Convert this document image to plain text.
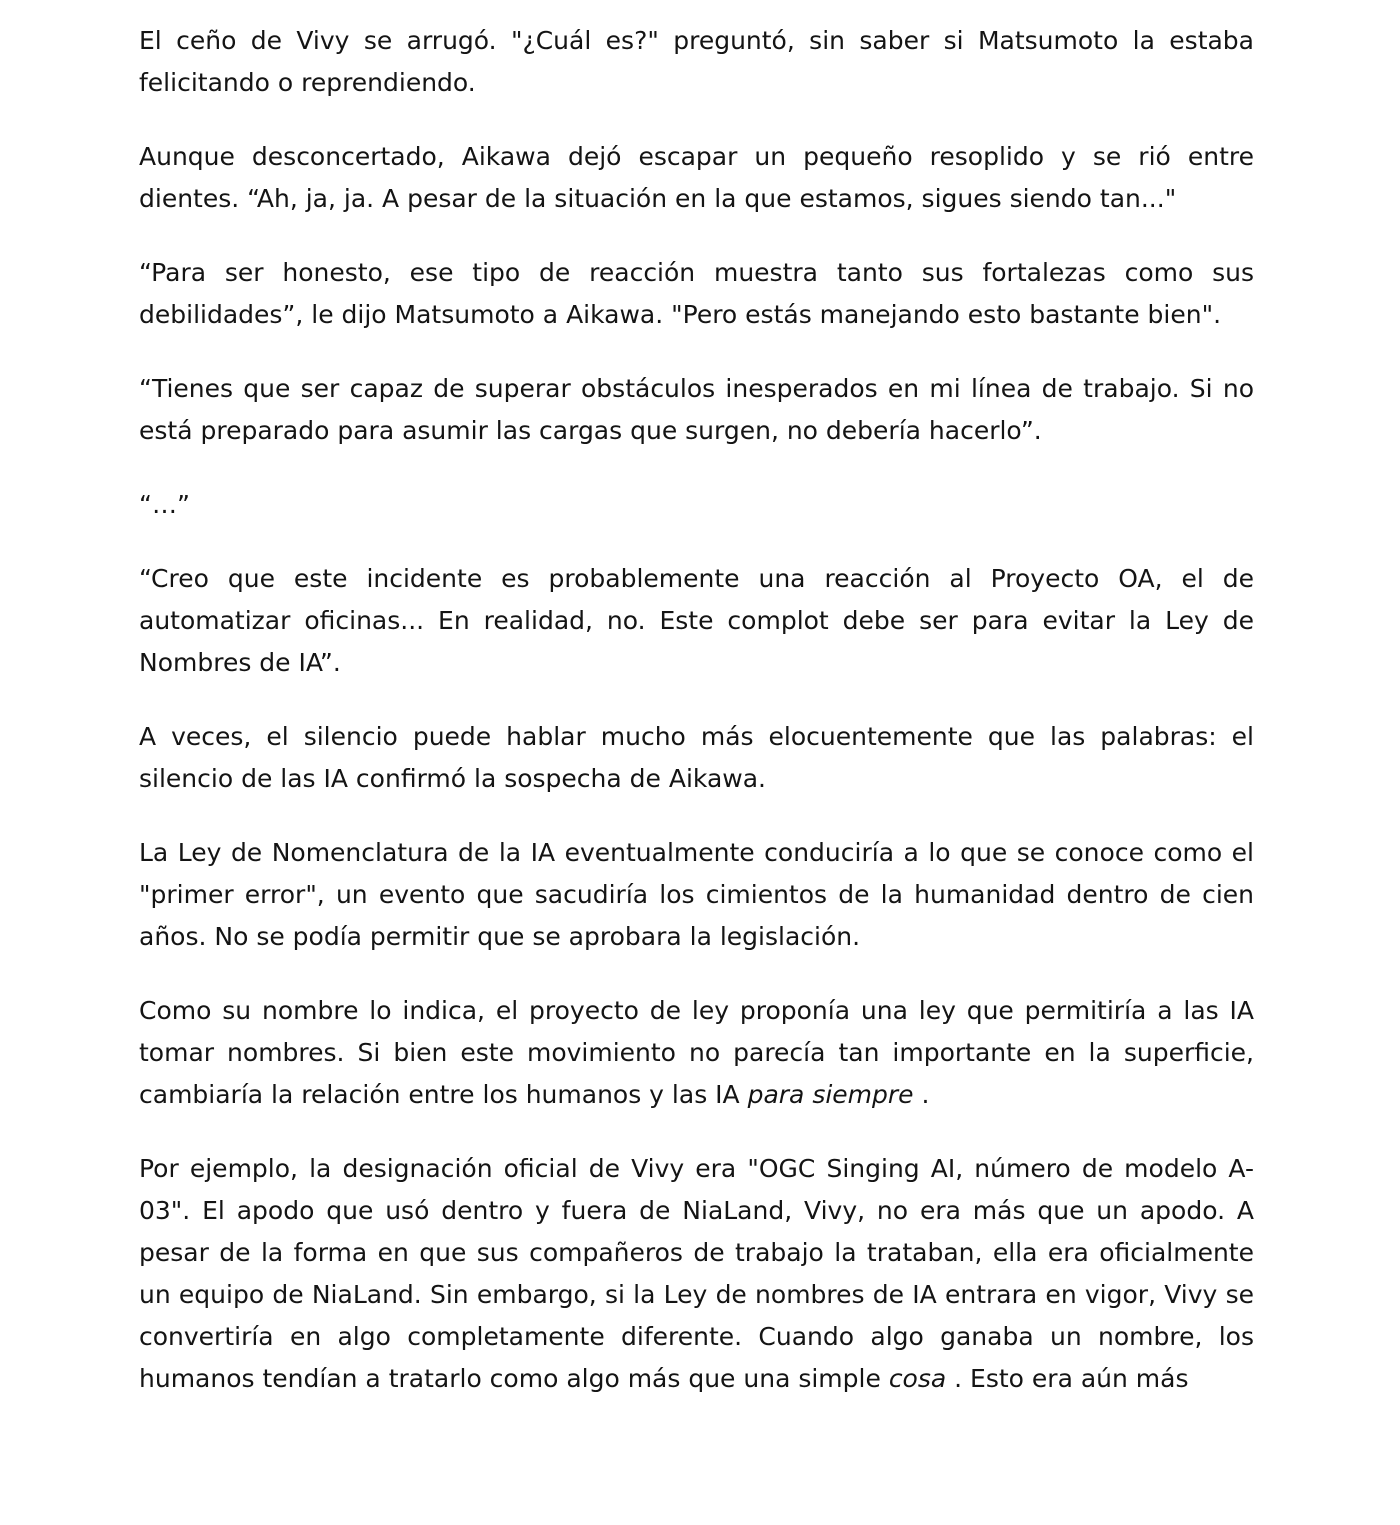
El ceño de Vivy se arrugó. "¿Cuál es?" preguntó, sin saber si Matsumoto la estaba felicitando o reprendiendo.

Aunque desconcertado, Aikawa dejó escapar un pequeño resoplido y se rió entre dientes. “Ah, ja, ja. A pesar de la situación en la que estamos, sigues siendo tan..."

“Para ser honesto, ese tipo de reacción muestra tanto sus fortalezas como sus debilidades”, le dijo Matsumoto a Aikawa. "Pero estás manejando esto bastante bien".

“Tienes que ser capaz de superar obstáculos inesperados en mi línea de trabajo. Si no está preparado para asumir las cargas que surgen, no debería hacerlo”.

“…”

“Creo que este incidente es probablemente una reacción al Proyecto OA, el de automatizar oficinas... En realidad, no. Este complot debe ser para evitar la Ley de Nombres de IA”.

A veces, el silencio puede hablar mucho más elocuentemente que las palabras: el silencio de las IA confirmó la sospecha de Aikawa.

La Ley de Nomenclatura de la IA eventualmente conduciría a lo que se conoce como el "primer error", un evento que sacudiría los cimientos de la humanidad dentro de cien años. No se podía permitir que se aprobara la legislación.

Como su nombre lo indica, el proyecto de ley proponía una ley que permitiría a las IA tomar nombres. Si bien este movimiento no parecía tan importante en la superficie, cambiaría la relación entre los humanos y las IA para siempre .

Por ejemplo, la designación oficial de Vivy era "OGC Singing AI, número de modelo A-03". El apodo que usó dentro y fuera de NiaLand, Vivy, no era más que un apodo. A pesar de la forma en que sus compañeros de trabajo la trataban, ella era oficialmente un equipo de NiaLand. Sin embargo, si la Ley de nombres de IA entrara en vigor, Vivy se convertiría en algo completamente diferente. Cuando algo ganaba un nombre, los humanos tendían a tratarlo como algo más que una simple cosa . Esto era aún más
